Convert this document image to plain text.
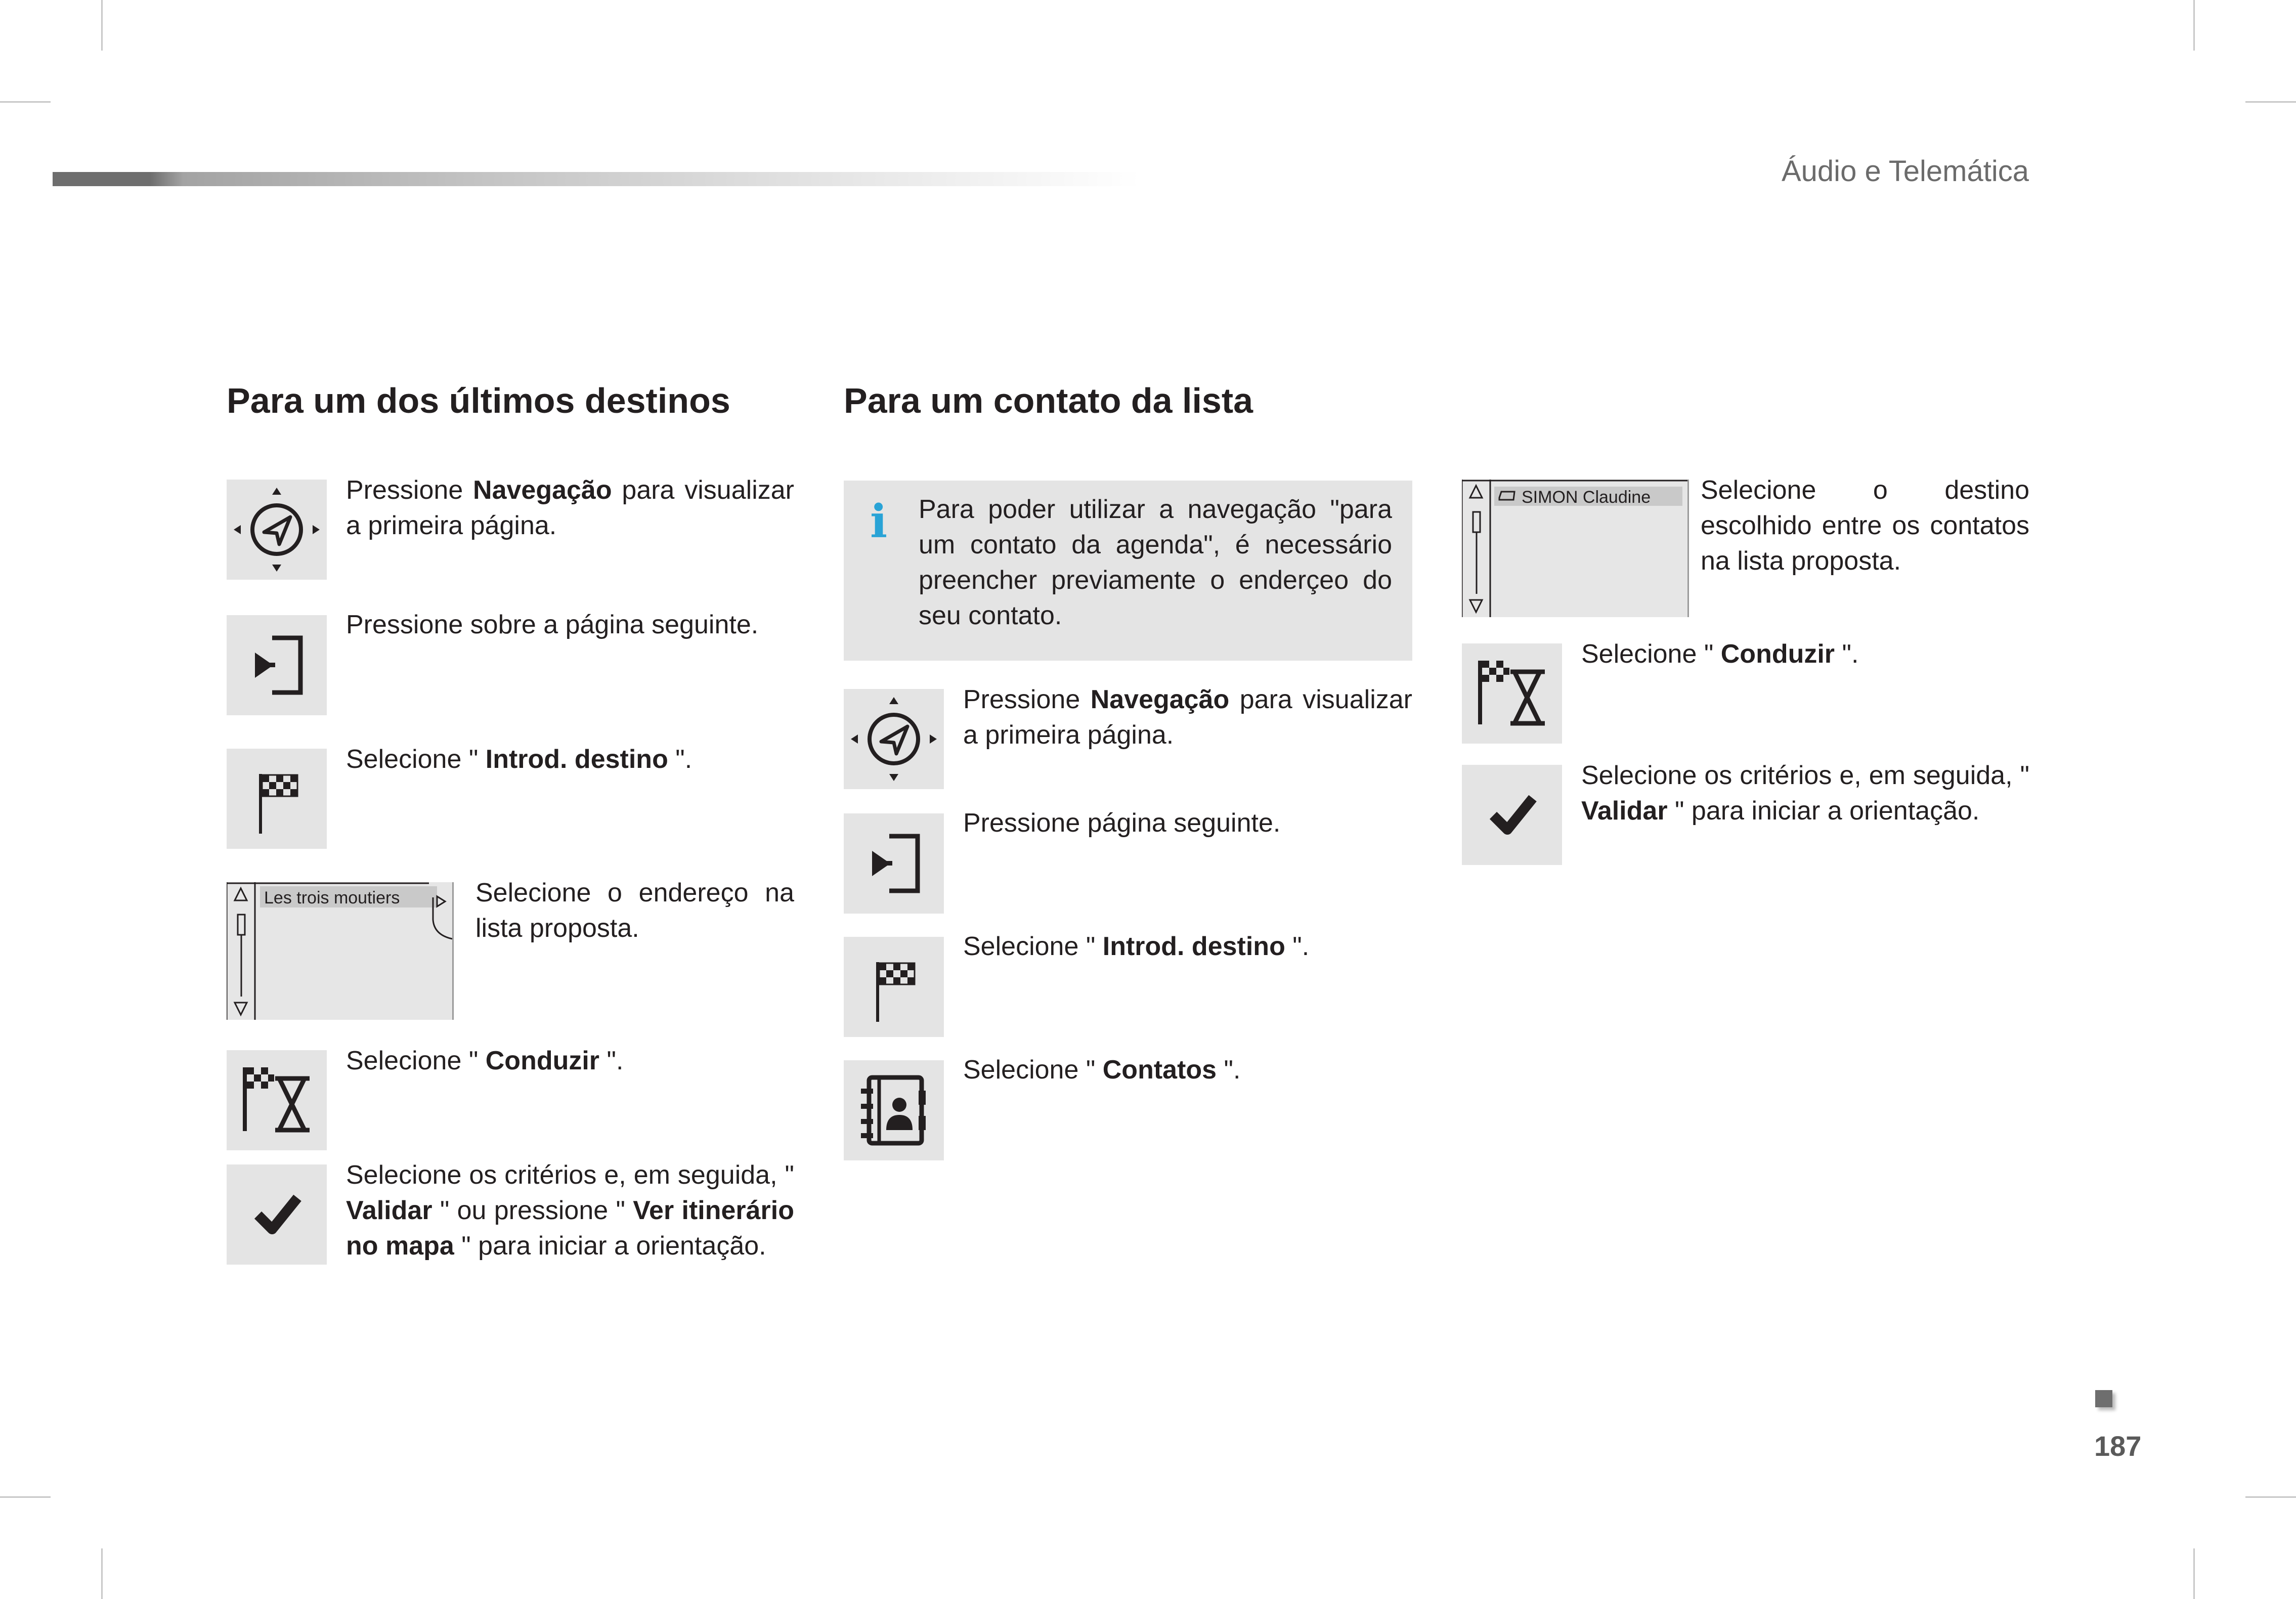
Áudio e Telemática
Para um dos últimos destinos
Pressione Navegação para visualizar a primeira página.
Pressione sobre a página seguinte.
Selecione " Introd. destino ".
Les trois moutiers	Selecione o endereço na lista proposta.
Selecione " Conduzir ".
Selecione os critérios e, em seguida, " Validar " ou pressione " Ver itinerário no mapa " para iniciar a orientação.
Para um contato da lista
i Para poder utilizar a navegação "para um contato da agenda", é necessário preencher previamente o enderçeo do seu contato.
Pressione Navegação para visualizar a primeira página.
Pressione página seguinte.
Selecione " Introd. destino ".
Selecione " Contatos ".
SIMON Claudine Selecione o destino escolhido entre os contatos na lista proposta.
Selecione " Conduzir ".
Selecione os critérios e, em seguida, " Validar " para iniciar a orientação.
187
